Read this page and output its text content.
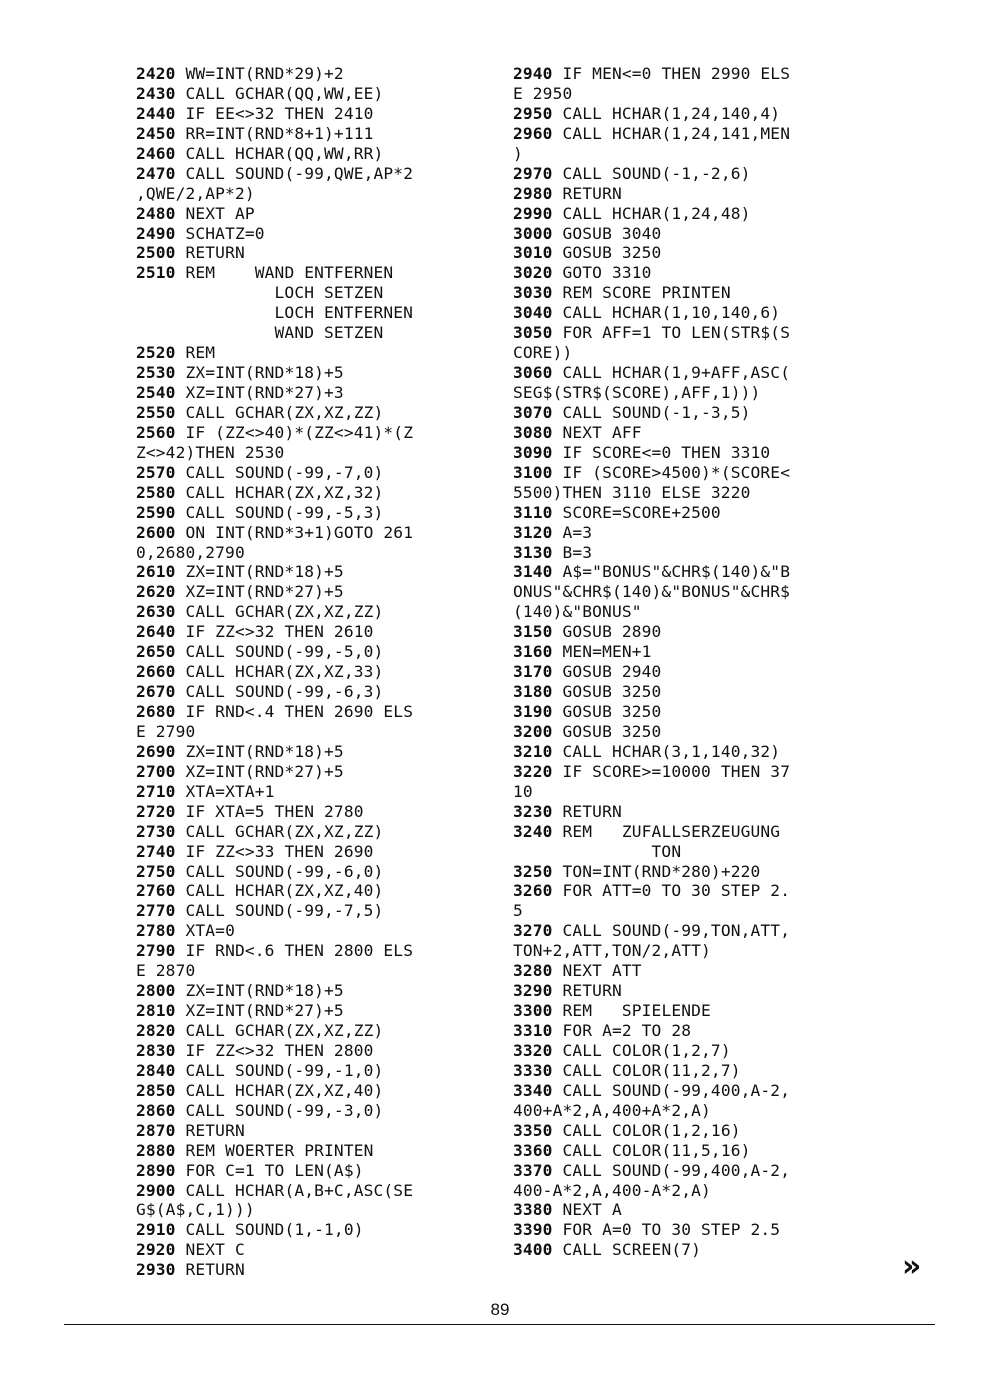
2420 WW=INT(RND*29)+2
2430 CALL GCHAR(QQ,WW,EE)
2440 IF EE<>32 THEN 2410
2450 RR=INT(RND*8+1)+111
2460 CALL HCHAR(QQ,WW,RR)
2470 CALL SOUND(-99,QWE,AP*2
,QWE/2,AP*2)
2480 NEXT AP
2490 SCHATZ=0
2500 RETURN
2510 REM    WAND ENTFERNEN
LOCH SETZEN
LOCH ENTFERNEN
WAND SETZEN
2520 REM
2530 ZX=INT(RND*18)+5
2540 XZ=INT(RND*27)+3
2550 CALL GCHAR(ZX,XZ,ZZ)
2560 IF (ZZ<>40)*(ZZ<>41)*(Z
Z<>42)THEN 2530
2570 CALL SOUND(-99,-7,0)
2580 CALL HCHAR(ZX,XZ,32)
2590 CALL SOUND(-99,-5,3)
2600 ON INT(RND*3+1)GOTO 261
0,2680,2790
2610 ZX=INT(RND*18)+5
2620 XZ=INT(RND*27)+5
2630 CALL GCHAR(ZX,XZ,ZZ)
2640 IF ZZ<>32 THEN 2610
2650 CALL SOUND(-99,-5,0)
2660 CALL HCHAR(ZX,XZ,33)
2670 CALL SOUND(-99,-6,3)
2680 IF RND<.4 THEN 2690 ELS
E 2790
2690 ZX=INT(RND*18)+5
2700 XZ=INT(RND*27)+5
2710 XTA=XTA+1
2720 IF XTA=5 THEN 2780
2730 CALL GCHAR(ZX,XZ,ZZ)
2740 IF ZZ<>33 THEN 2690
2750 CALL SOUND(-99,-6,0)
2760 CALL HCHAR(ZX,XZ,40)
2770 CALL SOUND(-99,-7,5)
2780 XTA=0
2790 IF RND<.6 THEN 2800 ELS
E 2870
2800 ZX=INT(RND*18)+5
2810 XZ=INT(RND*27)+5
2820 CALL GCHAR(ZX,XZ,ZZ)
2830 IF ZZ<>32 THEN 2800
2840 CALL SOUND(-99,-1,0)
2850 CALL HCHAR(ZX,XZ,40)
2860 CALL SOUND(-99,-3,0)
2870 RETURN
2880 REM WOERTER PRINTEN
2890 FOR C=1 TO LEN(A$)
2900 CALL HCHAR(A,B+C,ASC(SE
G$(A$,C,1)))
2910 CALL SOUND(1,-1,0)
2920 NEXT C
2930 RETURN
2940 IF MEN<=0 THEN 2990 ELS
E 2950
2950 CALL HCHAR(1,24,140,4)
2960 CALL HCHAR(1,24,141,MEN
)
2970 CALL SOUND(-1,-2,6)
2980 RETURN
2990 CALL HCHAR(1,24,48)
3000 GOSUB 3040
3010 GOSUB 3250
3020 GOTO 3310
3030 REM SCORE PRINTEN
3040 CALL HCHAR(1,10,140,6)
3050 FOR AFF=1 TO LEN(STR$(S
CORE))
3060 CALL HCHAR(1,9+AFF,ASC(
SEG$(STR$(SCORE),AFF,1)))
3070 CALL SOUND(-1,-3,5)
3080 NEXT AFF
3090 IF SCORE<=0 THEN 3310
3100 IF (SCORE>4500)*(SCORE<
5500)THEN 3110 ELSE 3220
3110 SCORE=SCORE+2500
3120 A=3
3130 B=3
3140 A$="BONUS"&CHR$(140)&"B
ONUS"&CHR$(140)&"BONUS"&CHR$
(140)&"BONUS"
3150 GOSUB 2890
3160 MEN=MEN+1
3170 GOSUB 2940
3180 GOSUB 3250
3190 GOSUB 3250
3200 GOSUB 3250
3210 CALL HCHAR(3,1,140,32)
3220 IF SCORE>=10000 THEN 37
10
3230 RETURN
3240 REM   ZUFALLSERZEUGUNG
TON
3250 TON=INT(RND*280)+220
3260 FOR ATT=0 TO 30 STEP 2.
5
3270 CALL SOUND(-99,TON,ATT,
TON+2,ATT,TON/2,ATT)
3280 NEXT ATT
3290 RETURN
3300 REM   SPIELENDE
3310 FOR A=2 TO 28
3320 CALL COLOR(1,2,7)
3330 CALL COLOR(11,2,7)
3340 CALL SOUND(-99,400,A-2,
400+A*2,A,400+A*2,A)
3350 CALL COLOR(1,2,16)
3360 CALL COLOR(11,5,16)
3370 CALL SOUND(-99,400,A-2,
400-A*2,A,400-A*2,A)
3380 NEXT A
3390 FOR A=0 TO 30 STEP 2.5
3400 CALL SCREEN(7)	»
89
